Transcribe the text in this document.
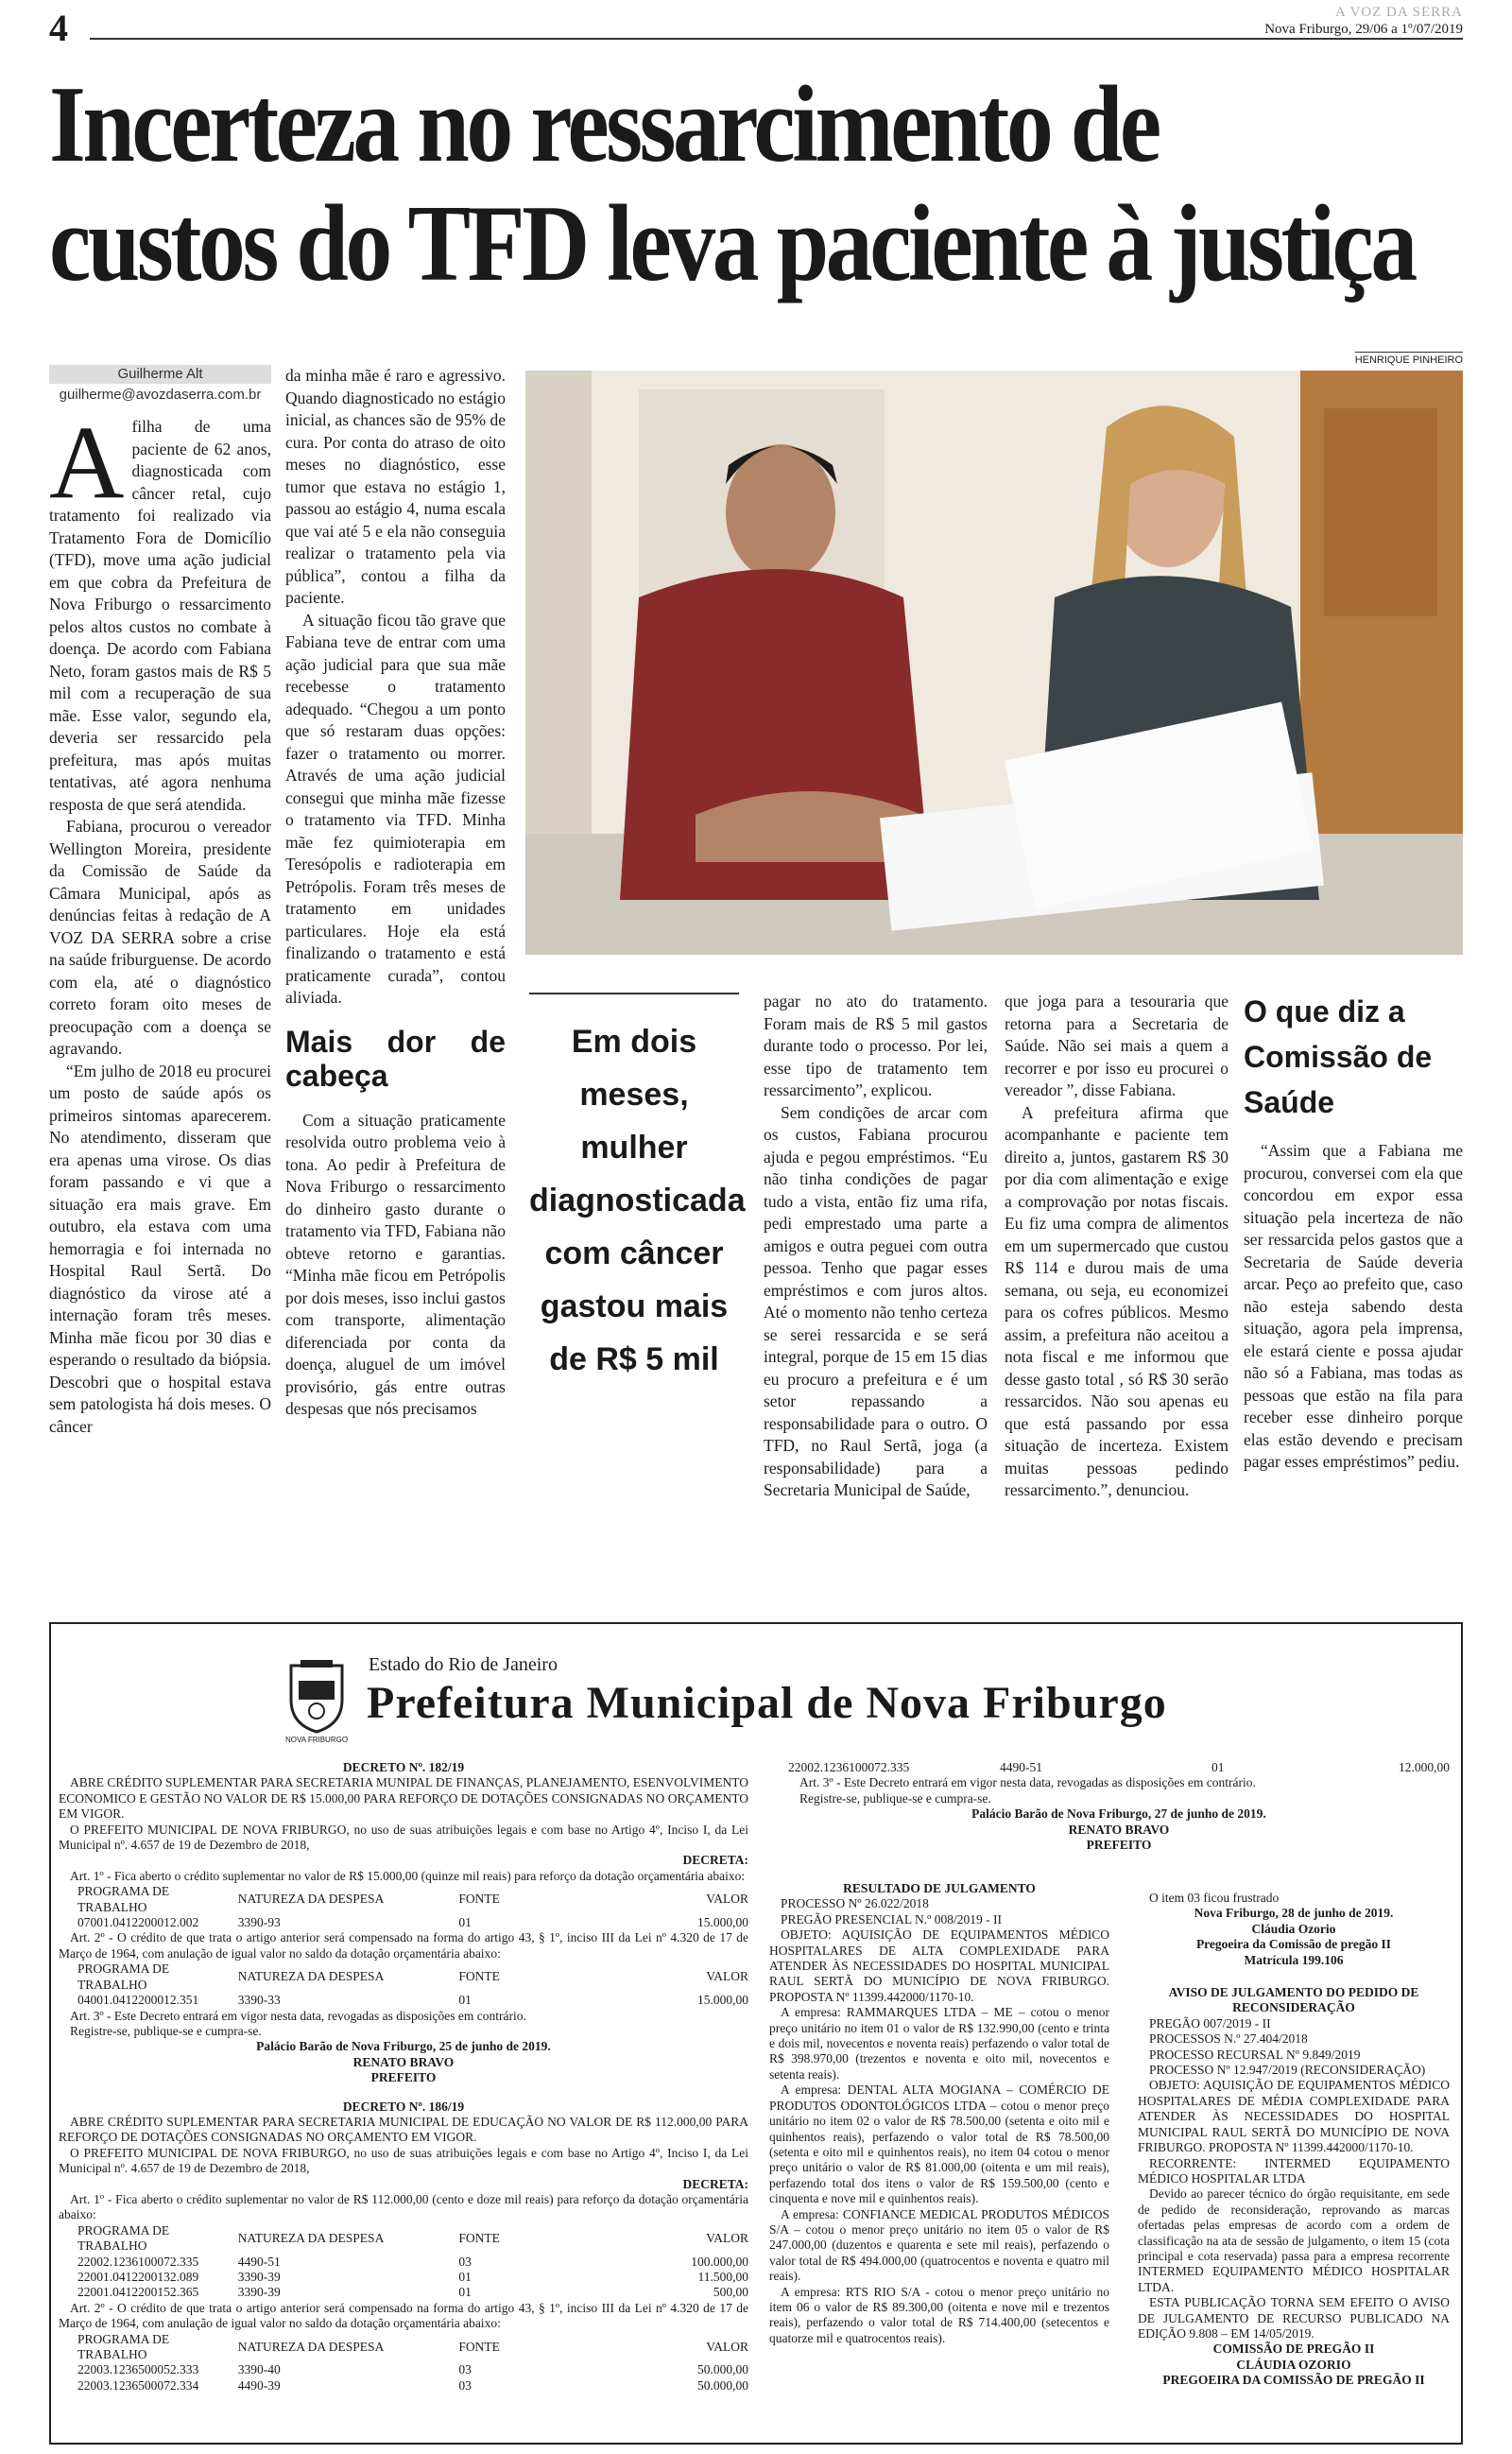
4	A VOZ DA SERRA
Nova Friburgo, 29/06 a 1º/07/2019
Incerteza no ressarcimento de
custos do TFD leva paciente à justiça
HENRIQUE PINHEIRO
Guilherme Alt
guilherme@avozdaserra.com.br
A filha de uma paciente de 62 anos, diagnosticada com câncer retal, cujo tratamento foi realizado via Tratamento Fora de Domicílio (TFD), move uma ação judicial em que cobra da Prefeitura de Nova Friburgo o ressarcimento pelos altos custos no combate à doença. De acordo com Fabiana Neto, foram gastos mais de R$ 5 mil com a recuperação de sua mãe. Esse valor, segundo ela, deveria ser ressarcido pela prefeitura, mas após muitas tentativas, até agora nenhuma resposta de que será atendida.

Fabiana, procurou o vereador Wellington Moreira, presidente da Comissão de Saúde da Câmara Municipal, após as denúncias feitas à redação de A VOZ DA SERRA sobre a crise na saúde friburguense. De acordo com ela, até o diagnóstico correto foram oito meses de preocupação com a doença se agravando.

“Em julho de 2018 eu procurei um posto de saúde após os primeiros sintomas aparecerem. No atendimento, disseram que era apenas uma virose. Os dias foram passando e vi que a situação era mais grave. Em outubro, ela estava com uma hemorragia e foi internada no Hospital Raul Sertã. Do diagnóstico da virose até a internação foram três meses. Minha mãe ficou por 30 dias e esperando o resultado da biópsia. Descobri que o hospital estava sem patologista há dois meses. O câncer

da minha mãe é raro e agressivo. Quando diagnosticado no estágio inicial, as chances são de 95% de cura. Por conta do atraso de oito meses no diagnóstico, esse tumor que estava no estágio 1, passou ao estágio 4, numa escala que vai até 5 e ela não conseguia realizar o tratamento pela via pública”, contou a filha da paciente.

A situação ficou tão grave que Fabiana teve de entrar com uma ação judicial para que sua mãe recebesse o tratamento adequado. “Chegou a um ponto que só restaram duas opções: fazer o tratamento ou morrer. Através de uma ação judicial consegui que minha mãe fizesse o tratamento via TFD. Minha mãe fez quimioterapia em Teresópolis e radioterapia em Petrópolis. Foram três meses de tratamento em unidades particulares. Hoje ela está finalizando o tratamento e está praticamente curada”, contou aliviada.

Mais dor de cabeça

Com a situação praticamente resolvida outro problema veio à tona. Ao pedir à Prefeitura de Nova Friburgo o ressarcimento do dinheiro gasto durante o tratamento via TFD, Fabiana não obteve retorno e garantias. “Minha mãe ficou em Petrópolis por dois meses, isso inclui gastos com transporte, alimentação diferenciada por conta da doença, aluguel de um imóvel provisório, gás entre outras despesas que nós precisamos

Em dois meses, mulher diagnosticada com câncer gastou mais de R$ 5 mil

pagar no ato do tratamento. Foram mais de R$ 5 mil gastos durante todo o processo. Por lei, esse tipo de tratamento tem ressarcimento”, explicou.

Sem condições de arcar com os custos, Fabiana procurou ajuda e pegou empréstimos. “Eu não tinha condições de pagar tudo a vista, então fiz uma rifa, pedi emprestado uma parte a amigos e outra peguei com outra pessoa. Tenho que pagar esses empréstimos e com juros altos. Até o momento não tenho certeza se serei ressarcida e se será integral, porque de 15 em 15 dias eu procuro a prefeitura e é um setor repassando a responsabilidade para o outro. O TFD, no Raul Sertã, joga (a responsabilidade) para a Secretaria Municipal de Saúde,

que joga para a tesouraria que retorna para a Secretaria de Saúde. Não sei mais a quem a recorrer e por isso eu procurei o vereador ”, disse Fabiana.

A prefeitura afirma que acompanhante e paciente tem direito a, juntos, gastarem R$ 30 por dia com alimentação e exige a comprovação por notas fiscais. Eu fiz uma compra de alimentos em um supermercado que custou R$ 114 e durou mais de uma semana, ou seja, eu economizei para os cofres públicos. Mesmo assim, a prefeitura não aceitou a nota fiscal e me informou que desse gasto total , só R$ 30 serão ressarcidos. Não sou apenas eu que está passando por essa situação de incerteza. Existem muitas pessoas pedindo ressarcimento.”, denunciou.

O que diz a Comissão de Saúde

“Assim que a Fabiana me procurou, conversei com ela que concordou em expor essa situação pela incerteza de não ser ressarcida pelos gastos que a Secretaria de Saúde deveria arcar. Peço ao prefeito que, caso não esteja sabendo desta situação, agora pela imprensa, ele estará ciente e possa ajudar não só a Fabiana, mas todas as pessoas que estão na fila para receber esse dinheiro porque elas estão devendo e precisam pagar esses empréstimos” pediu.

NOVA FRIBURGO
Estado do Rio de Janeiro
Prefeitura Municipal de Nova Friburgo
DECRETO Nº. 182/19

ABRE CRÉDITO SUPLEMENTAR PARA SECRETARIA MUNIPAL DE FINANÇAS, PLANEJAMENTO, ESENVOLVIMENTO ECONOMICO E GESTÃO NO VALOR DE R$ 15.000,00 PARA REFORÇO DE DOTAÇÕES CONSIGNADAS NO ORÇAMENTO EM VIGOR.

O PREFEITO MUNICIPAL DE NOVA FRIBURGO, no uso de suas atribuições legais e com base no Artigo 4º, Inciso I, da Lei Municipal nº. 4.657 de 19 de Dezembro de 2018,

DECRETA:

Art. 1º - Fica aberto o crédito suplementar no valor de R$ 15.000,00 (quinze mil reais) para reforço da dotação orçamentária abaixo:

PROGRAMA DE TRABALHO	NATUREZA DA DESPESA	FONTE	VALOR
07001.0412200012.002	3390-93	01	15.000,00

Art. 2º - O crédito de que trata o artigo anterior será compensado na forma do artigo 43, § 1º, inciso III da Lei nº 4.320 de 17 de Março de 1964, com anulação de igual valor no saldo da dotação orçamentária abaixo:

PROGRAMA DE TRABALHO	NATUREZA DA DESPESA	FONTE	VALOR
04001.0412200012.351	3390-33	01	15.000,00

Art. 3º - Este Decreto entrará em vigor nesta data, revogadas as disposições em contrário.

Registre-se, publique-se e cumpra-se.

Palácio Barão de Nova Friburgo, 25 de junho de 2019.
RENATO BRAVO
PREFEITO
DECRETO Nº. 186/19

ABRE CRÉDITO SUPLEMENTAR PARA SECRETARIA MUNICIPAL DE EDUCAÇÃO NO VALOR DE R$ 112.000,00 PARA REFORÇO DE DOTAÇÕES CONSIGNADAS NO ORÇAMENTO EM VIGOR.

O PREFEITO MUNICIPAL DE NOVA FRIBURGO, no uso de suas atribuições legais e com base no Artigo 4º, Inciso I, da Lei Municipal nº. 4.657 de 19 de Dezembro de 2018,

DECRETA:

Art. 1º - Fica aberto o crédito suplementar no valor de R$ 112.000,00 (cento e doze mil reais) para reforço da dotação orçamentária abaixo:

PROGRAMA DE TRABALHO	NATUREZA DA DESPESA	FONTE	VALOR
22002.1236100072.335	4490-51	03	100.000,00
22001.0412200132.089	3390-39	01	11.500,00
22001.0412200152.365	3390-39	01	500,00

Art. 2º - O crédito de que trata o artigo anterior será compensado na forma do artigo 43, § 1º, inciso III da Lei nº 4.320 de 17 de Março de 1964, com anulação de igual valor no saldo da dotação orçamentária abaixo:

PROGRAMA DE TRABALHO	NATUREZA DA DESPESA	FONTE	VALOR
22003.1236500052.333	3390-40	03	50.000,00
22003.1236500072.334	4490-39	03	50.000,00
22002.1236100072.335	4490-51	01	12.000,00

Art. 3º - Este Decreto entrará em vigor nesta data, revogadas as disposições em contrário.

Registre-se, publique-se e cumpra-se.

Palácio Barão de Nova Friburgo, 27 de junho de 2019.
RENATO BRAVO
PREFEITO
RESULTADO DE JULGAMENTO
PROCESSO Nº 26.022/2018
PREGÃO PRESENCIAL N.º 008/2019 - II

OBJETO: AQUISIÇÃO DE EQUIPAMENTOS MÉDICO HOSPITALARES DE ALTA COMPLEXIDADE PARA ATENDER ÀS NECESSIDADES DO HOSPITAL MUNICIPAL RAUL SERTÃ DO MUNICÍPIO DE NOVA FRIBURGO. PROPOSTA Nº 11399.442000/1170-10.

A empresa: RAMMARQUES LTDA – ME – cotou o menor preço unitário no item 01 o valor de R$ 132.990,00 (cento e trinta e dois mil, novecentos e noventa reais) perfazendo o valor total de R$ 398.970,00 (trezentos e noventa e oito mil, novecentos e setenta reais).

A empresa: DENTAL ALTA MOGIANA – COMÉRCIO DE PRODUTOS ODONTOLÓGICOS LTDA – cotou o menor preço unitário no item 02 o valor de R$ 78.500,00 (setenta e oito mil e quinhentos reais), perfazendo o valor total de R$ 78.500,00 (setenta e oito mil e quinhentos reais), no item 04 cotou o menor preço unitário o valor de R$ 81.000,00 (oitenta e um mil reais), perfazendo total dos itens o valor de R$ 159.500,00 (cento e cinquenta e nove mil e quinhentos reais).

A empresa: CONFIANCE MEDICAL PRODUTOS MÉDICOS S/A – cotou o menor preço unitário no item 05 o valor de R$ 247.000,00 (duzentos e quarenta e sete mil reais), perfazendo o valor total de R$ 494.000,00 (quatrocentos e noventa e quatro mil reais).

A empresa: RTS RIO S/A - cotou o menor preço unitário no item 06 o valor de R$ 89.300,00 (oitenta e nove mil e trezentos reais), perfazendo o valor total de R$ 714.400,00 (setecentos e quatorze mil e quatrocentos reais).

O item 03 ficou frustrado

Nova Friburgo, 28 de junho de 2019.
Cláudia Ozorio
Pregoeira da Comissão de pregão II
Matrícula 199.106
AVISO DE JULGAMENTO DO PEDIDO DE RECONSIDERAÇÃO
PREGÃO 007/2019 - II
PROCESSOS N.º 27.404/2018
PROCESSO RECURSAL Nº 9.849/2019
PROCESSO Nº 12.947/2019 (RECONSIDERAÇÃO)

OBJETO: AQUISIÇÃO DE EQUIPAMENTOS MÉDICO HOSPITALARES DE MÉDIA COMPLEXIDADE PARA ATENDER ÀS NECESSIDADES DO HOSPITAL MUNICIPAL RAUL SERTÃ DO MUNICÍPIO DE NOVA FRIBURGO. PROPOSTA Nº 11399.442000/1170-10.

RECORRENTE: INTERMED EQUIPAMENTO MÉDICO HOSPITALAR LTDA

Devido ao parecer técnico do órgão requisitante, em sede de pedido de reconsideração, reprovando as marcas ofertadas pelas empresas de acordo com a ordem de classificação na ata de sessão de julgamento, o item 15 (cota principal e cota reservada) passa para a empresa recorrente INTERMED EQUIPAMENTO MÉDICO HOSPITALAR LTDA.

ESTA PUBLICAÇÃO TORNA SEM EFEITO O AVISO DE JULGAMENTO DE RECURSO PUBLICADO NA EDIÇÃO 9.808 – EM 14/05/2019.

COMISSÃO DE PREGÃO II
CLÁUDIA OZORIO
PREGOEIRA DA COMISSÃO DE PREGÃO II
